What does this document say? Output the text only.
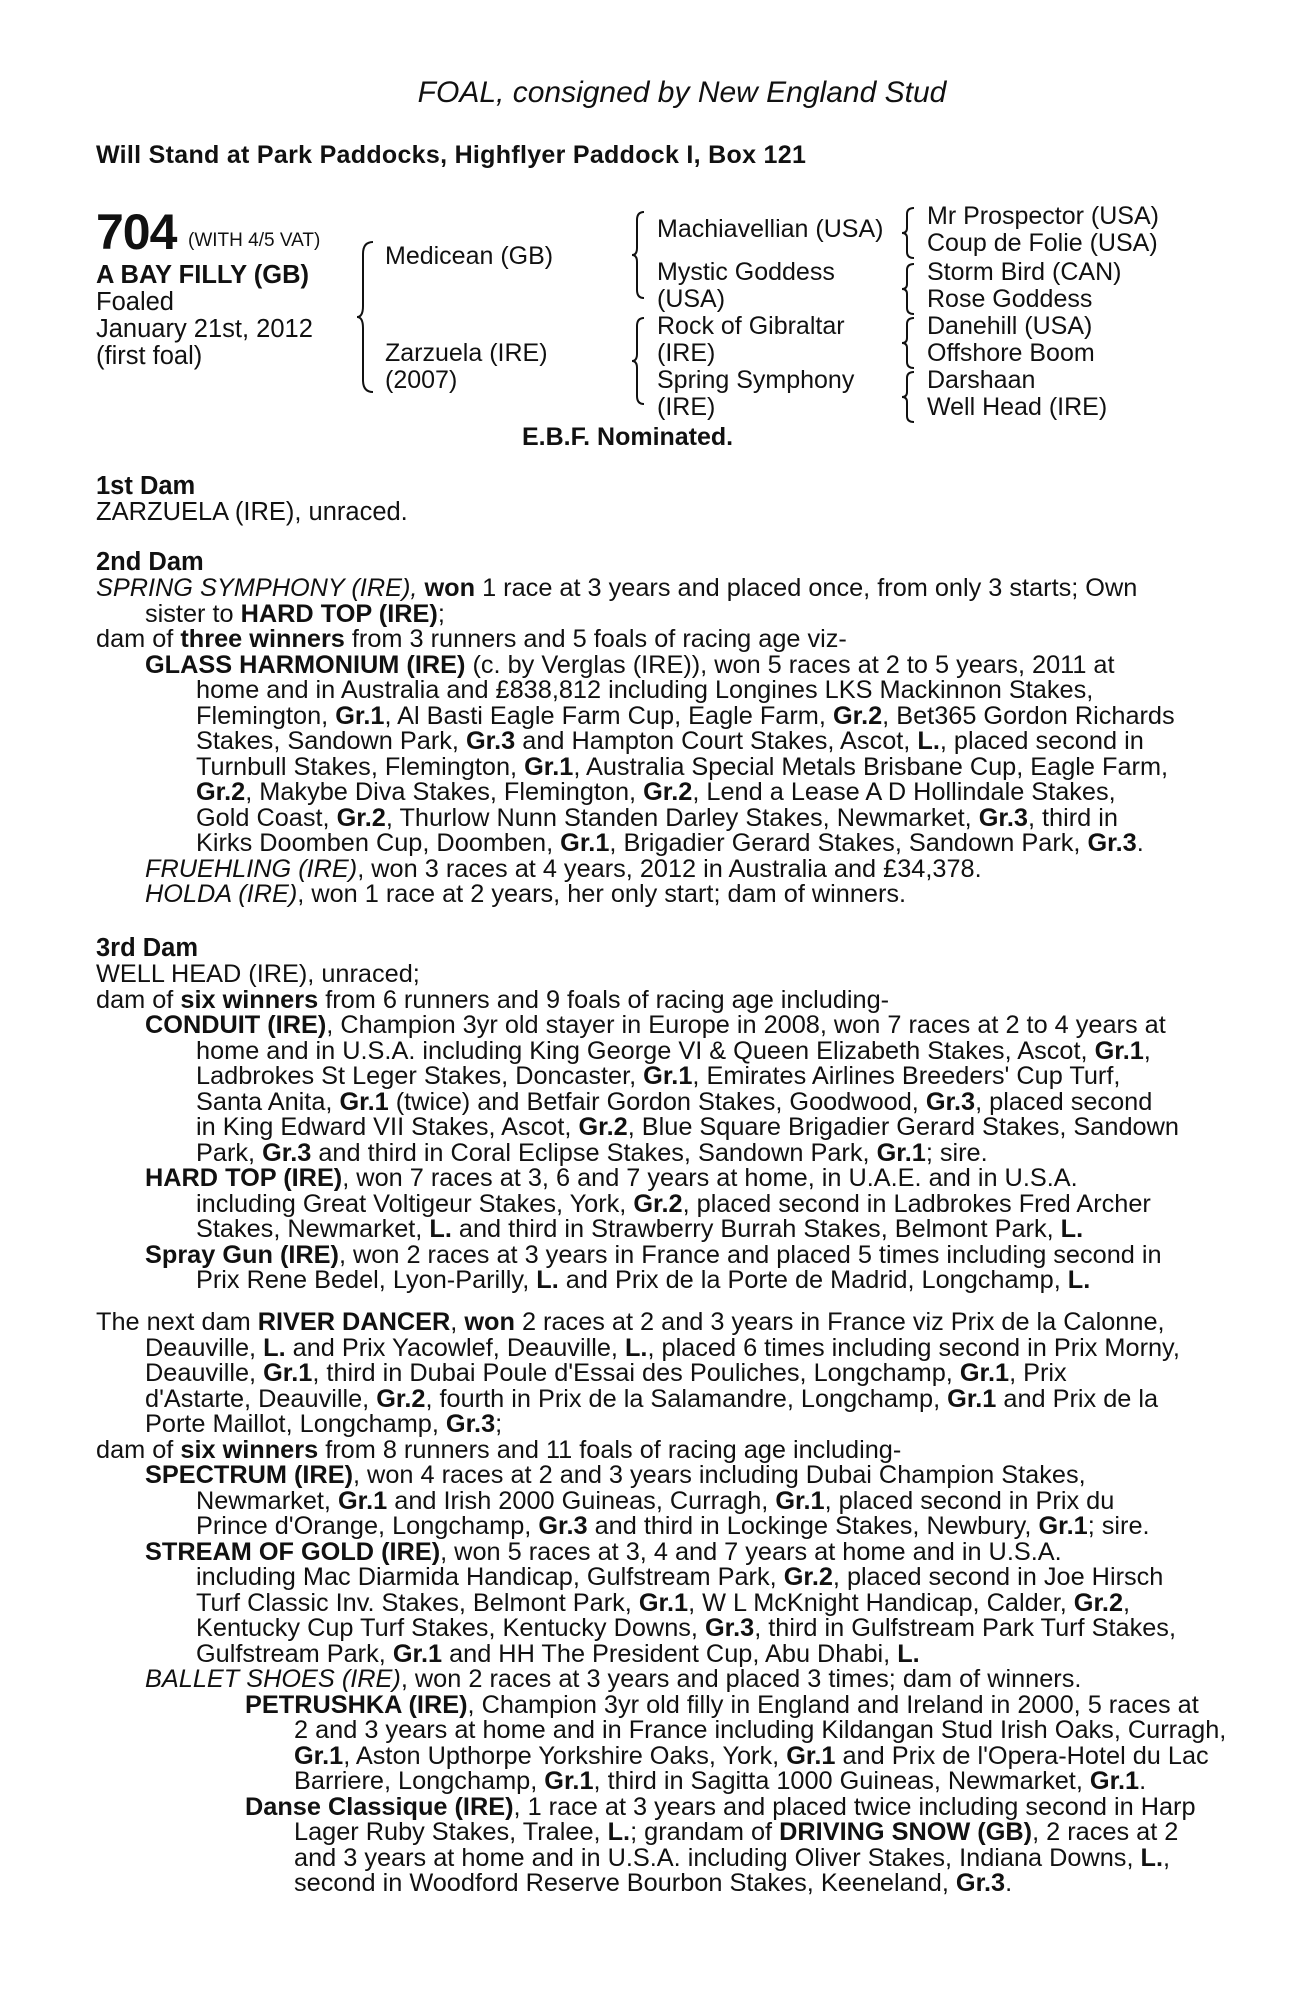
FOAL, consigned by New England Stud
Will Stand at Park Paddocks, Highflyer Paddock I, Box 121
704 (WITH 4/5 VAT)
A BAY FILLY (GB)
Foaled
January 21st, 2012
(first foal)
Medicean (GB)
Zarzuela (IRE)
(2007)
Machiavellian (USA)
Mystic Goddess
(USA)
Rock of Gibraltar
(IRE)
Spring Symphony
(IRE)
Mr Prospector (USA)
Coup de Folie (USA)
Storm Bird (CAN)
Rose Goddess
Danehill (USA)
Offshore Boom
Darshaan
Well Head (IRE)
E.B.F. Nominated.
1st Dam
ZARZUELA (IRE), unraced.
2nd Dam
SPRING SYMPHONY (IRE), won 1 race at 3 years and placed once, from only 3 starts; Own
sister to HARD TOP (IRE);
dam of three winners from 3 runners and 5 foals of racing age viz-
GLASS HARMONIUM (IRE) (c. by Verglas (IRE)), won 5 races at 2 to 5 years, 2011 at
home and in Australia and £838,812 including Longines LKS Mackinnon Stakes,
Flemington, Gr.1, Al Basti Eagle Farm Cup, Eagle Farm, Gr.2, Bet365 Gordon Richards
Stakes, Sandown Park, Gr.3 and Hampton Court Stakes, Ascot, L., placed second in
Turnbull Stakes, Flemington, Gr.1, Australia Special Metals Brisbane Cup, Eagle Farm,
Gr.2, Makybe Diva Stakes, Flemington, Gr.2, Lend a Lease A D Hollindale Stakes,
Gold Coast, Gr.2, Thurlow Nunn Standen Darley Stakes, Newmarket, Gr.3, third in
Kirks Doomben Cup, Doomben, Gr.1, Brigadier Gerard Stakes, Sandown Park, Gr.3.
FRUEHLING (IRE), won 3 races at 4 years, 2012 in Australia and £34,378.
HOLDA (IRE), won 1 race at 2 years, her only start; dam of winners.
3rd Dam
WELL HEAD (IRE), unraced;
dam of six winners from 6 runners and 9 foals of racing age including-
CONDUIT (IRE), Champion 3yr old stayer in Europe in 2008, won 7 races at 2 to 4 years at
home and in U.S.A. including King George VI & Queen Elizabeth Stakes, Ascot, Gr.1,
Ladbrokes St Leger Stakes, Doncaster, Gr.1, Emirates Airlines Breeders' Cup Turf,
Santa Anita, Gr.1 (twice) and Betfair Gordon Stakes, Goodwood, Gr.3, placed second
in King Edward VII Stakes, Ascot, Gr.2, Blue Square Brigadier Gerard Stakes, Sandown
Park, Gr.3 and third in Coral Eclipse Stakes, Sandown Park, Gr.1; sire.
HARD TOP (IRE), won 7 races at 3, 6 and 7 years at home, in U.A.E. and in U.S.A.
including Great Voltigeur Stakes, York, Gr.2, placed second in Ladbrokes Fred Archer
Stakes, Newmarket, L. and third in Strawberry Burrah Stakes, Belmont Park, L.
Spray Gun (IRE), won 2 races at 3 years in France and placed 5 times including second in
Prix Rene Bedel, Lyon-Parilly, L. and Prix de la Porte de Madrid, Longchamp, L.
The next dam RIVER DANCER, won 2 races at 2 and 3 years in France viz Prix de la Calonne,
Deauville, L. and Prix Yacowlef, Deauville, L., placed 6 times including second in Prix Morny,
Deauville, Gr.1, third in Dubai Poule d'Essai des Pouliches, Longchamp, Gr.1, Prix
d'Astarte, Deauville, Gr.2, fourth in Prix de la Salamandre, Longchamp, Gr.1 and Prix de la
Porte Maillot, Longchamp, Gr.3;
dam of six winners from 8 runners and 11 foals of racing age including-
SPECTRUM (IRE), won 4 races at 2 and 3 years including Dubai Champion Stakes,
Newmarket, Gr.1 and Irish 2000 Guineas, Curragh, Gr.1, placed second in Prix du
Prince d'Orange, Longchamp, Gr.3 and third in Lockinge Stakes, Newbury, Gr.1; sire.
STREAM OF GOLD (IRE), won 5 races at 3, 4 and 7 years at home and in U.S.A.
including Mac Diarmida Handicap, Gulfstream Park, Gr.2, placed second in Joe Hirsch
Turf Classic Inv. Stakes, Belmont Park, Gr.1, W L McKnight Handicap, Calder, Gr.2,
Kentucky Cup Turf Stakes, Kentucky Downs, Gr.3, third in Gulfstream Park Turf Stakes,
Gulfstream Park, Gr.1 and HH The President Cup, Abu Dhabi, L.
BALLET SHOES (IRE), won 2 races at 3 years and placed 3 times; dam of winners.
PETRUSHKA (IRE), Champion 3yr old filly in England and Ireland in 2000, 5 races at
2 and 3 years at home and in France including Kildangan Stud Irish Oaks, Curragh,
Gr.1, Aston Upthorpe Yorkshire Oaks, York, Gr.1 and Prix de l'Opera-Hotel du Lac
Barriere, Longchamp, Gr.1, third in Sagitta 1000 Guineas, Newmarket, Gr.1.
Danse Classique (IRE), 1 race at 3 years and placed twice including second in Harp
Lager Ruby Stakes, Tralee, L.; grandam of DRIVING SNOW (GB), 2 races at 2
and 3 years at home and in U.S.A. including Oliver Stakes, Indiana Downs, L.,
second in Woodford Reserve Bourbon Stakes, Keeneland, Gr.3.
